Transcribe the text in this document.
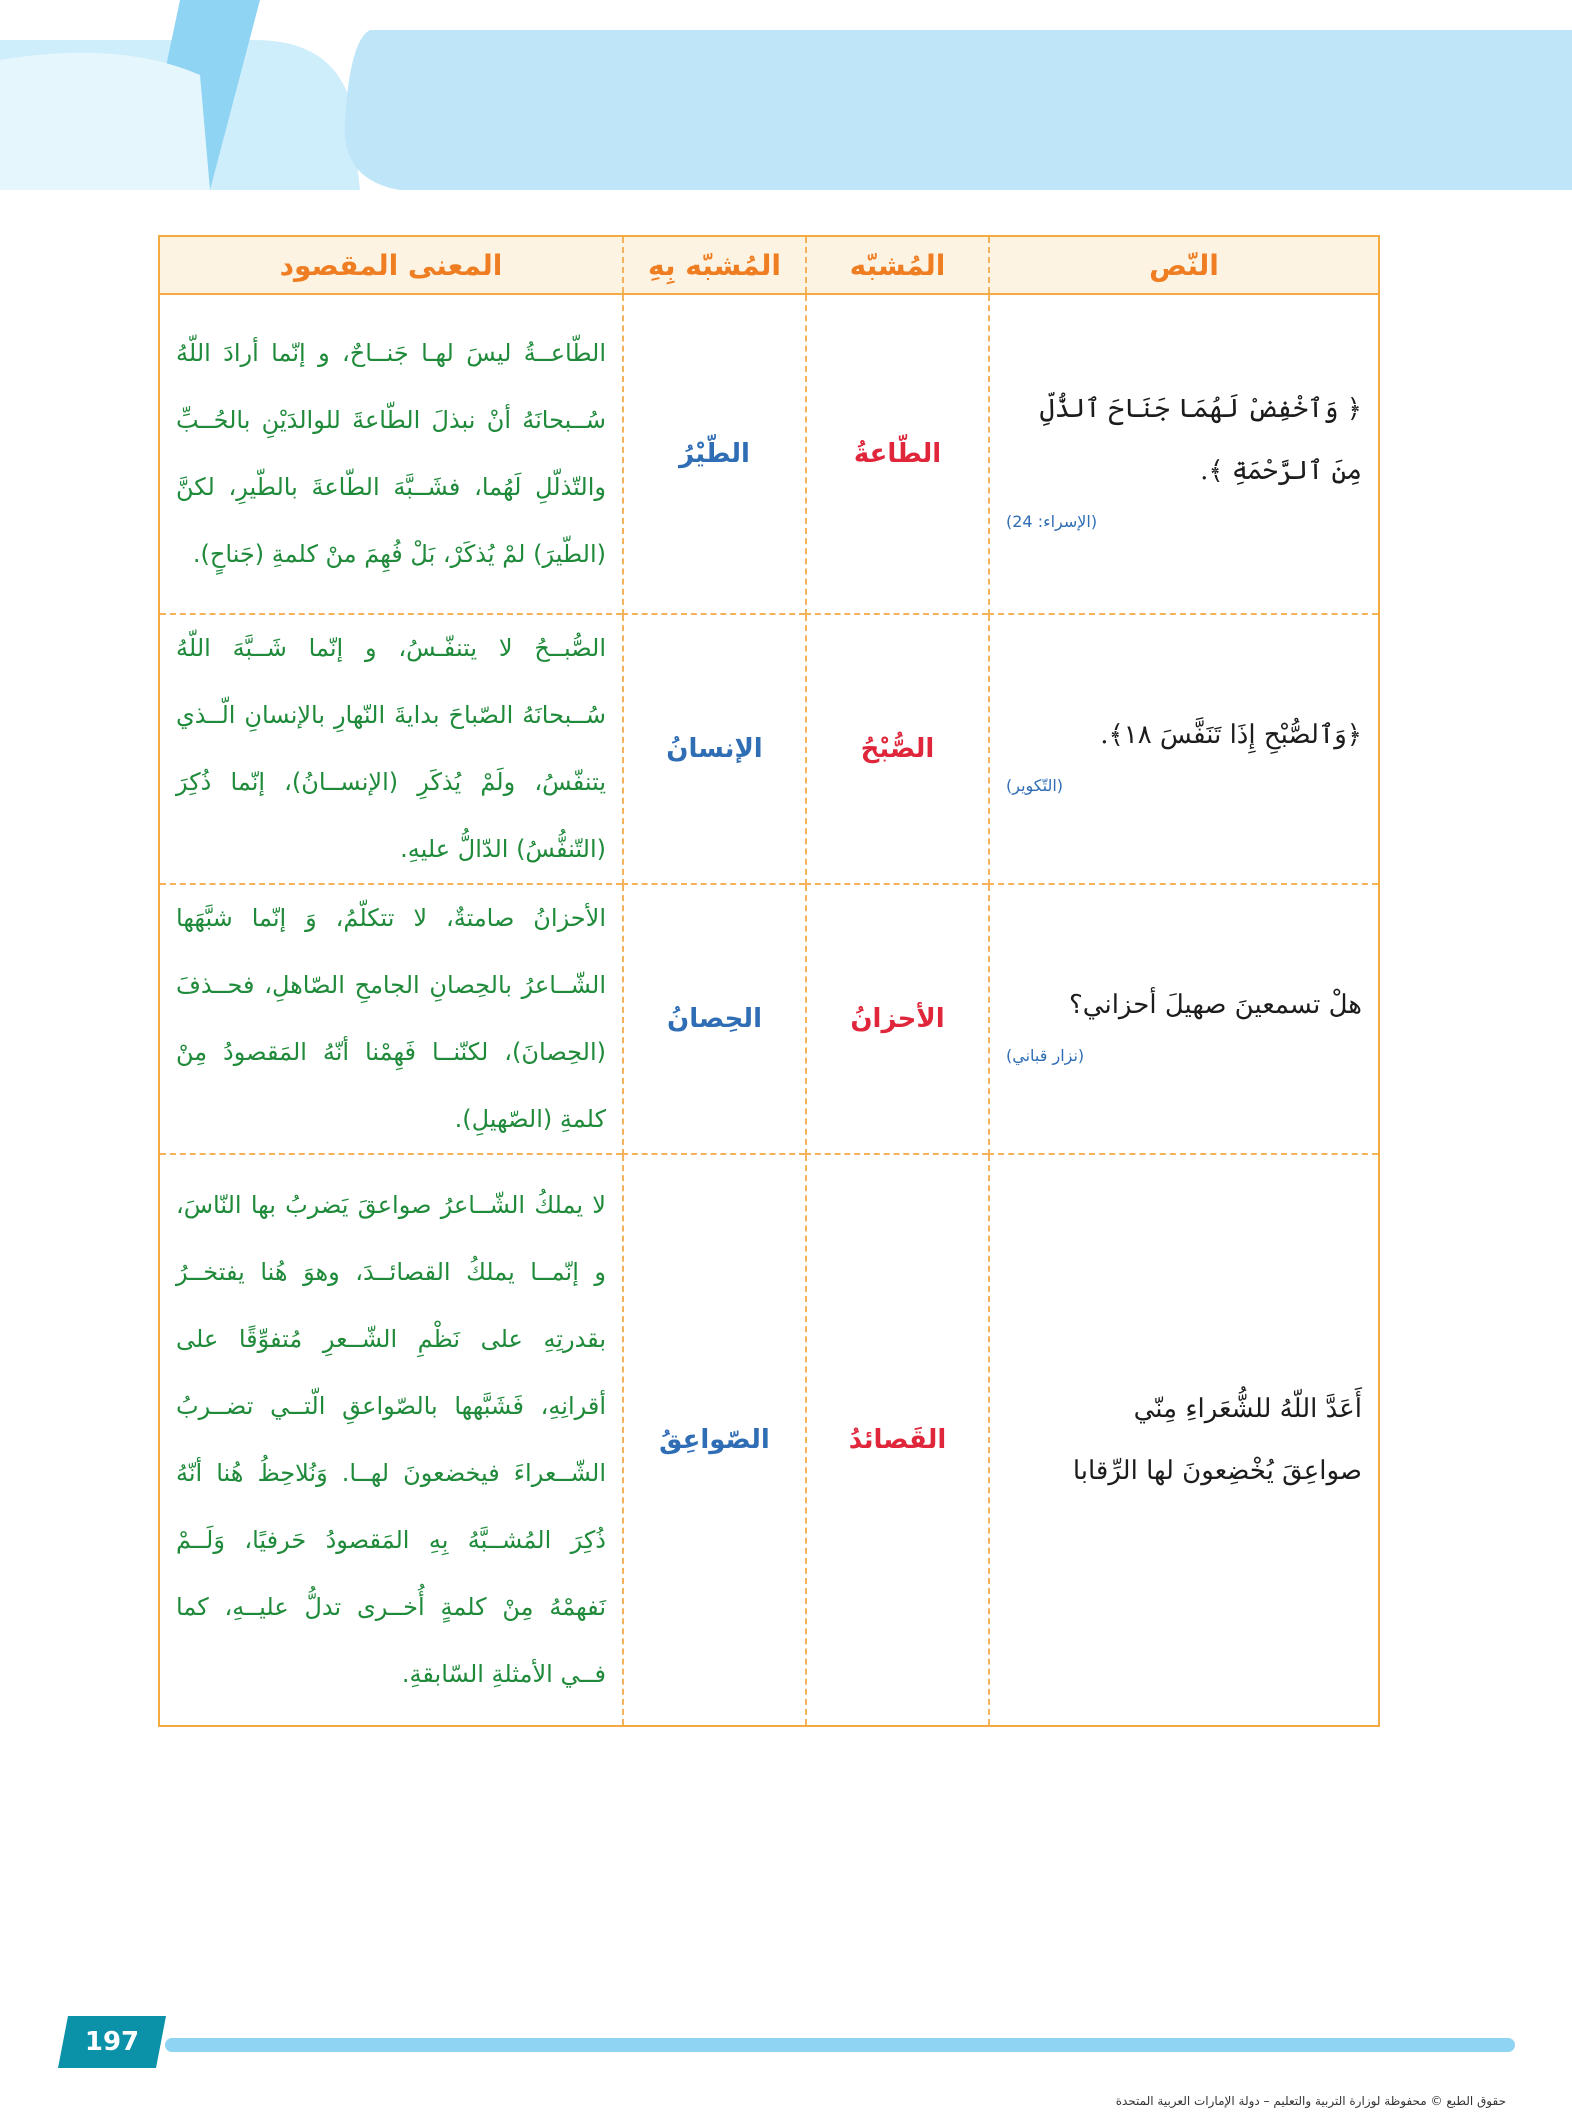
النّص	المُشبّه	المُشبّه بِهِ	المعنى المقصود

﴿ وَٱخْفِضْ لَهُمَا جَنَاحَ ٱلذُّلِّ مِنَ ٱلرَّحْمَةِ ﴾.
(الإسراء: 24)	الطّاعةُ	الطّيْرُ	الطّاعــةُ ليسَ لهـا جَنــاحٌ، و إنّما أرادَ اللّهُ سُــبحانَهُ أنْ نبذلَ الطّاعةَ للوالدَيْنِ بالحُــبِّ والتّذلّلِ لَهُما، فشَــبَّهَ الطّاعةَ بالطّيرِ، لكنَّ (الطّيرَ) لمْ يُذكَرْ، بَلْ فُهِمَ منْ كلمةِ (جَناحٍ).

﴿وَٱلصُّبْحِ إِذَا تَنَفَّسَ ١٨﴾.
(التّكوير)	الصُّبْحُ	الإنسانُ	الصُّبــحُ لا يتنفّـسُ، و إنّما شَــبَّهَ اللّهُ سُــبحانَهُ الصّباحَ بدايةَ النّهارِ بالإنسانِ الّــذي يتنفّسُ، ولَمْ يُذكَرِ (الإنســانُ)، إنّما ذُكِرَ (التّنفُّسُ) الدّالُّ عليهِ.

هلْ تسمعينَ صهيلَ أحزاني؟
(نزار قباني)	الأحزانُ	الحِصانُ	الأحزانُ صامتةٌ، لا تتكلّمُ، وَ إنّما شبَّهَها الشّــاعرُ بالحِصانِ الجامحِ الصّاهلِ، فحــذفَ (الحِصانَ)، لكنّنــا فَهِمْنا أنّهُ المَقصودُ مِنْ كلمةِ (الصّهيلِ).

أَعَدَّ اللّهُ للشُّعَراءِ مِنّي
صواعِقَ يُخْضِعونَ لها الرِّقابا	القَصائدُ	الصّواعِقُ	لا يملكُ الشّــاعرُ صواعقَ يَضربُ بها النّاسَ، و إنّمــا يملكُ القصائــدَ، وهوَ هُنا يفتخــرُ بقدرتِهِ على نَظْمِ الشّــعرِ مُتفوِّقًا على أقرانِهِ، فَشَبَّهها بالصّواعقِ الّتــي تضــربُ الشّــعراءَ فيخضعونَ لهــا. وَنُلاحِظُ هُنا أنّهُ ذُكِرَ المُشــبَّهُ بِهِ المَقصودُ حَرفيًا، وَلَــمْ نَفهمْهُ مِنْ كلمةٍ أُخــرى تدلُّ عليــهِ، كما فــي الأمثلةِ السّابقةِ.
197
حقوق الطبع © محفوظة لوزارة التربية والتعليم – دولة الإمارات العربية المتحدة
